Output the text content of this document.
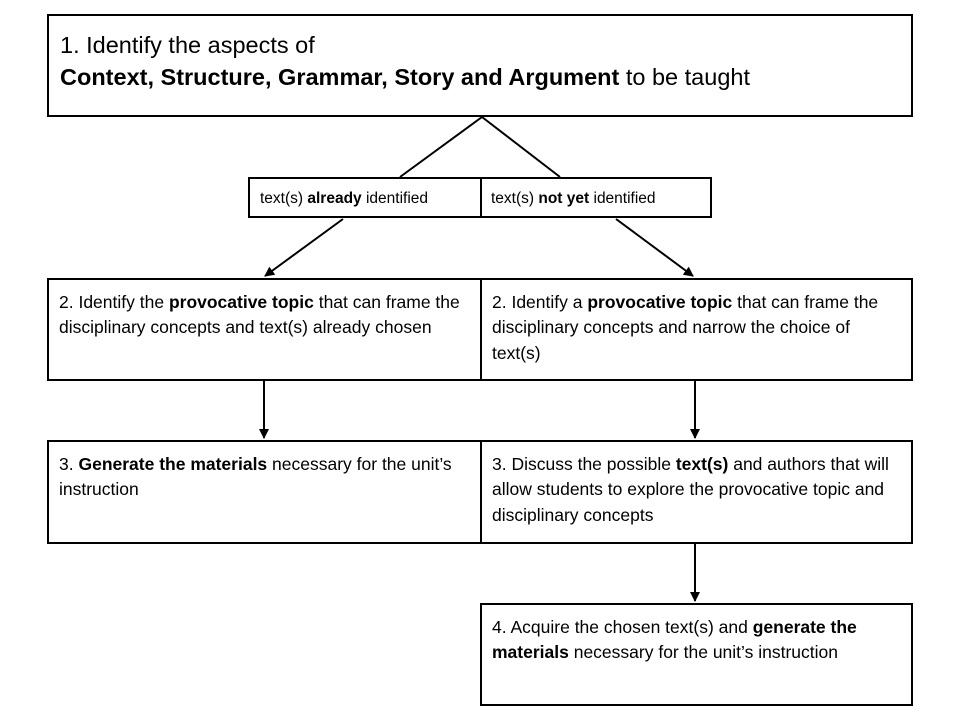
1. Identify the aspects of
Context, Structure, Grammar, Story and Argument to be taught
text(s) already identified	text(s) not yet identified
2. Identify the provocative topic that can frame the disciplinary concepts and text(s) already chosen
2. Identify a provocative topic that can frame the disciplinary concepts and narrow the choice of text(s)
3. Generate the materials necessary for the unit’s instruction
3. Discuss the possible text(s) and authors that will allow students to explore the provocative topic and disciplinary concepts
4. Acquire the chosen text(s) and generate the materials necessary for the unit’s instruction
